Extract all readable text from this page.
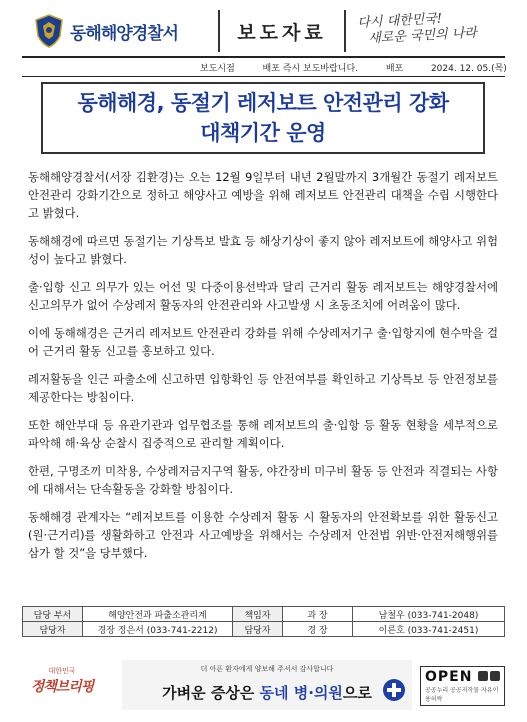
동해해양경찰서	보도자료
다시 대한민국!
새로운 국민의 나라
보도시점	배포 즉시 보도바랍니다.	배포	2024. 12. 05.(목)
동해해경, 동절기 레저보트 안전관리 강화
대책기간 운영

동해해양경찰서(서장 김환경)는 오는 12월 9일부터 내년 2월말까지 3개월간 동절기 레저보트 안전관리 강화기간으로 정하고 해양사고 예방을 위해 레저보트 안전관리 대책을 수립 시행한다고 밝혔다.

동해해경에 따르면 동절기는 기상특보 발효 등 해상기상이 좋지 않아 레저보트에 해양사고 위험성이 높다고 밝혔다.

출·입항 신고 의무가 있는 어선 및 다중이용선박과 달리 근거리 활동 레저보트는 해양경찰서에 신고의무가 없어 수상레저 활동자의 안전관리와 사고발생 시 초동조치에 어려움이 많다.

이에 동해해경은 근거리 레저보트 안전관리 강화를 위해 수상레저기구 출·입항지에 현수막을 걸어 근거리 활동 신고를 홍보하고 있다.

레저활동을 인근 파출소에 신고하면 입항확인 등 안전여부를 확인하고 기상특보 등 안전정보를 제공한다는 방침이다.

또한 해안부대 등 유관기관과 업무협조를 통해 레저보트의 출·입항 등 활동 현황을 세부적으로 파악해 해·육상 순찰시 집중적으로 관리할 계획이다.

한편, 구명조끼 미착용, 수상레저금지구역 활동, 야간장비 미구비 활동 등 안전과 직결되는 사항에 대해서는 단속활동을 강화할 방침이다.

동해해경 관계자는 “레저보트를 이용한 수상레저 활동 시 활동자의 안전확보를 위한 활동신고(원·근거리)를 생활화하고 안전과 사고예방을 위해서는 수상레저 안전법 위반·안전저해행위를 삼가 할 것”을 당부했다.

담당 부서	해양안전과 파출소관리계	책임자	과 장	남철우 (033-741-2048)
담당자	경장 정은서 (033-741-2212)	담당자	경 장	이른호 (033-741-2451)
대한민국
정책브리핑
더 아픈 환자에게 양보해 주셔서 감사합니다
가벼운 증상은 동네 병·의원으로
OPEN
공공누리 공공저작물 자유이용허락
